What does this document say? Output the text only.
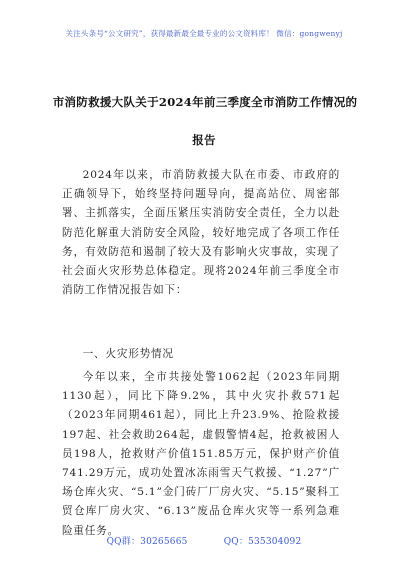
关注头条号“公文研究”，获得最新最全最专业的公文资料库！ 微信：gongwenyj
市消防救援大队关于2024年前三季度全市消防工作情况的
报告
2024年以来，市消防救援大队在市委、市政府的正确领导下，始终坚持问题导向，提高站位、周密部署、主抓落实，全面压紧压实消防安全责任，全力以赴防范化解重大消防安全风险，较好地完成了各项工作任务，有效防范和遏制了较大及有影响火灾事故，实现了社会面火灾形势总体稳定。现将2024年前三季度全市消防工作情况报告如下：
一、火灾形势情况
今年以来，全市共接处警1062起（2023年同期1130起），同比下降9.2%，其中火灾扑救571起（2023年同期461起），同比上升23.9%、抢险救援197起、社会救助264起，虚假警情4起，抢救被困人员198人，抢救财产价值151.85万元，保护财产价值741.29万元，成功处置冰冻雨雪天气救援、“1.27”广场仓库火灾、“5.1”金门砖厂厂房火灾、“5.15”聚科工贸仓库厂房火灾、“6.13”废品仓库火灾等一系列急难险重任务。
QQ群：30265665	QQ：535304092
